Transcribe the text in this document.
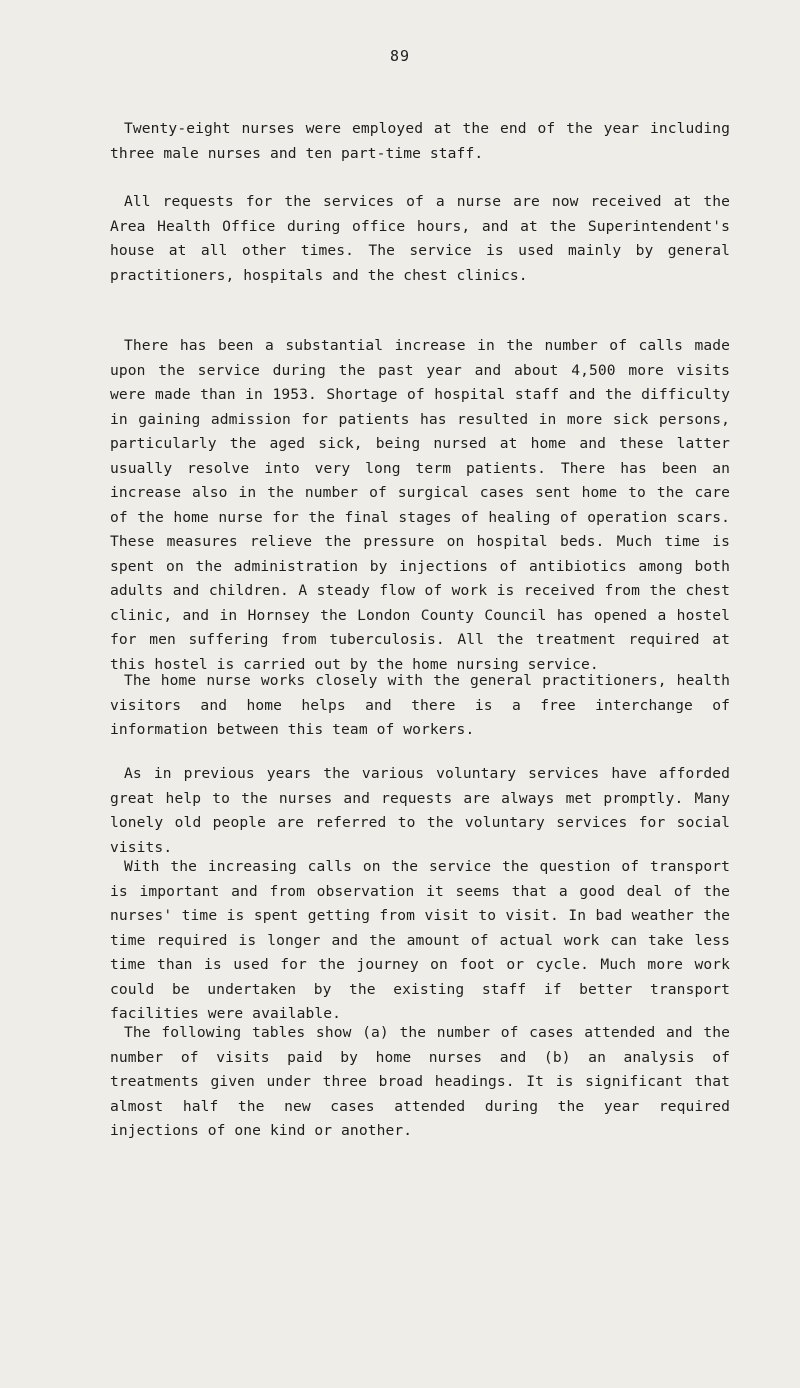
89

Twenty-eight nurses were employed at the end of the year including three male nurses and ten part-time staff.

All requests for the services of a nurse are now received at the Area Health Office during office hours, and at the Superintendent's house at all other times. The service is used mainly by general practitioners, hospitals and the chest clinics.

There has been a substantial increase in the number of calls made upon the service during the past year and about 4,500 more visits were made than in 1953. Shortage of hospital staff and the difficulty in gaining admission for patients has resulted in more sick persons, particularly the aged sick, being nursed at home and these latter usually resolve into very long term patients. There has been an increase also in the number of surgical cases sent home to the care of the home nurse for the final stages of healing of operation scars. These measures relieve the pressure on hospital beds. Much time is spent on the administration by injections of antibiotics among both adults and children. A steady flow of work is received from the chest clinic, and in Hornsey the London County Council has opened a hostel for men suffering from tuberculosis. All the treatment required at this hostel is carried out by the home nursing service.

The home nurse works closely with the general practitioners, health visitors and home helps and there is a free interchange of information between this team of workers.

As in previous years the various voluntary services have afforded great help to the nurses and requests are always met promptly. Many lonely old people are referred to the voluntary services for social visits.

With the increasing calls on the service the question of transport is important and from observation it seems that a good deal of the nurses' time is spent getting from visit to visit. In bad weather the time required is longer and the amount of actual work can take less time than is used for the journey on foot or cycle. Much more work could be undertaken by the existing staff if better transport facilities were available.

The following tables show (a) the number of cases attended and the number of visits paid by home nurses and (b) an analysis of treatments given under three broad headings. It is significant that almost half the new cases attended during the year required injections of one kind or another.
